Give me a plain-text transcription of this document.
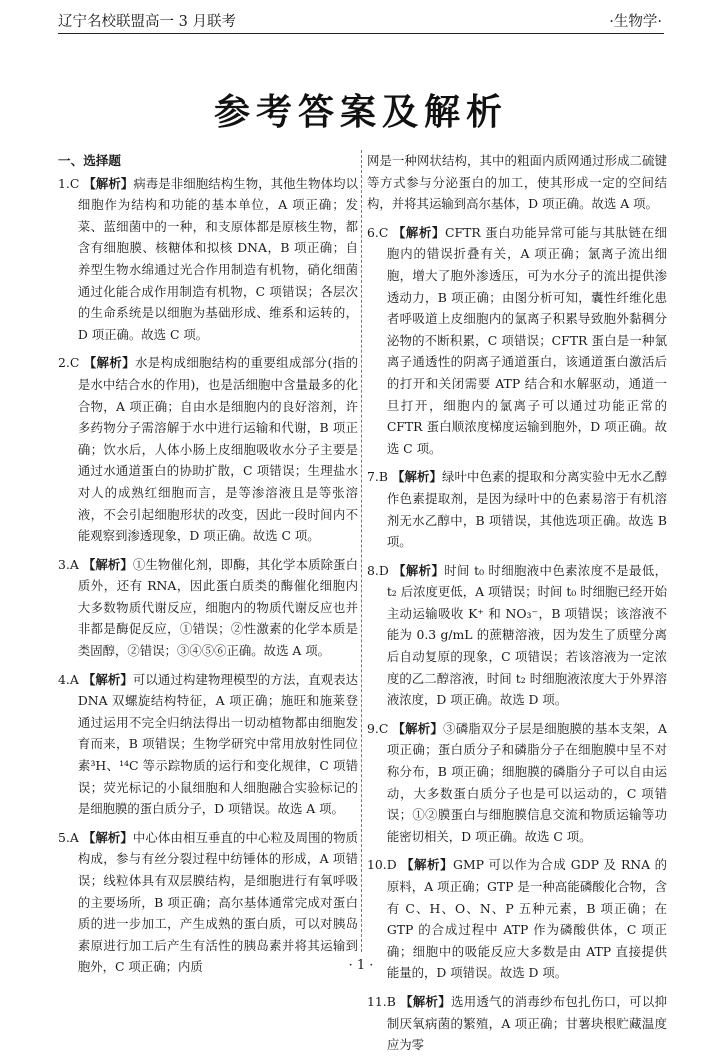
辽宁名校联盟高一 3 月联考	·生物学·
参考答案及解析
一、选择题

1.C 【解析】病毒是非细胞结构生物，其他生物体均以细胞作为结构和功能的基本单位，A 项正确；发菜、蓝细菌中的一种，和支原体都是原核生物，都含有细胞膜、核糖体和拟核 DNA，B 项正确；自养型生物水绵通过光合作用制造有机物，硝化细菌通过化能合成作用制造有机物，C 项错误；各层次的生命系统是以细胞为基础形成、维系和运转的，D 项正确。故选 C 项。

2.C 【解析】水是构成细胞结构的重要组成部分(指的是水中结合水的作用)，也是活细胞中含量最多的化合物，A 项正确；自由水是细胞内的良好溶剂，许多药物分子需溶解于水中进行运输和代谢，B 项正确；饮水后，人体小肠上皮细胞吸收水分子主要是通过水通道蛋白的协助扩散，C 项错误；生理盐水对人的成熟红细胞而言，是等渗溶液且是等张溶液，不会引起细胞形状的改变，因此一段时间内不能观察到渗透现象，D 项正确。故选 C 项。

3.A 【解析】①生物催化剂，即酶，其化学本质除蛋白质外，还有 RNA，因此蛋白质类的酶催化细胞内大多数物质代谢反应，细胞内的物质代谢反应也并非都是酶促反应，①错误；②性激素的化学本质是类固醇，②错误；③④⑤⑥正确。故选 A 项。

4.A 【解析】可以通过构建物理模型的方法，直观表达 DNA 双螺旋结构特征，A 项正确；施旺和施莱登通过运用不完全归纳法得出一切动植物都由细胞发育而来，B 项错误；生物学研究中常用放射性同位素³H、¹⁴C 等示踪物质的运行和变化规律，C 项错误；荧光标记的小鼠细胞和人细胞融合实验标记的是细胞膜的蛋白质分子，D 项错误。故选 A 项。

5.A 【解析】中心体由相互垂直的中心粒及周围的物质构成，参与有丝分裂过程中纺锤体的形成，A 项错误；线粒体具有双层膜结构，是细胞进行有氧呼吸的主要场所，B 项正确；高尔基体通常完成对蛋白质的进一步加工，产生成熟的蛋白质，可以对胰岛素原进行加工后产生有活性的胰岛素并将其运输到胞外，C 项正确；内质

网是一种网状结构，其中的粗面内质网通过形成二硫键等方式参与分泌蛋白的加工，使其形成一定的空间结构，并将其运输到高尔基体，D 项正确。故选 A 项。

6.C 【解析】CFTR 蛋白功能异常可能与其肽链在细胞内的错误折叠有关，A 项正确；氯离子流出细胞，增大了胞外渗透压，可为水分子的流出提供渗透动力，B 项正确；由图分析可知，囊性纤维化患者呼吸道上皮细胞内的氯离子积累导致胞外黏稠分泌物的不断积累，C 项错误；CFTR 蛋白是一种氯离子通透性的阴离子通道蛋白，该通道蛋白激活后的打开和关闭需要 ATP 结合和水解驱动，通道一旦打开，细胞内的氯离子可以通过功能正常的 CFTR 蛋白顺浓度梯度运输到胞外，D 项正确。故选 C 项。

7.B 【解析】绿叶中色素的提取和分离实验中无水乙醇作色素提取剂，是因为绿叶中的色素易溶于有机溶剂无水乙醇中，B 项错误，其他选项正确。故选 B 项。

8.D 【解析】时间 t₀ 时细胞液中色素浓度不是最低，t₂ 后浓度更低，A 项错误；时间 t₀ 时细胞已经开始主动运输吸收 K⁺ 和 NO₃⁻，B 项错误；该溶液不能为 0.3 g/mL 的蔗糖溶液，因为发生了质壁分离后自动复原的现象，C 项错误；若该溶液为一定浓度的乙二醇溶液，时间 t₂ 时细胞液浓度大于外界溶液浓度，D 项正确。故选 D 项。

9.C 【解析】③磷脂双分子层是细胞膜的基本支架，A 项正确；蛋白质分子和磷脂分子在细胞膜中呈不对称分布，B 项正确；细胞膜的磷脂分子可以自由运动，大多数蛋白质分子也是可以运动的，C 项错误；①②膜蛋白与细胞膜信息交流和物质运输等功能密切相关，D 项正确。故选 C 项。

10.D 【解析】GMP 可以作为合成 GDP 及 RNA 的原料，A 项正确；GTP 是一种高能磷酸化合物，含有 C、H、O、N、P 五种元素，B 项正确；在 GTP 的合成过程中 ATP 作为磷酸供体，C 项正确；细胞中的吸能反应大多数是由 ATP 直接提供能量的，D 项错误。故选 D 项。

11.B 【解析】选用透气的消毒纱布包扎伤口，可以抑制厌氧病菌的繁殖，A 项正确；甘薯块根贮藏温度应为零

· 1 ·
